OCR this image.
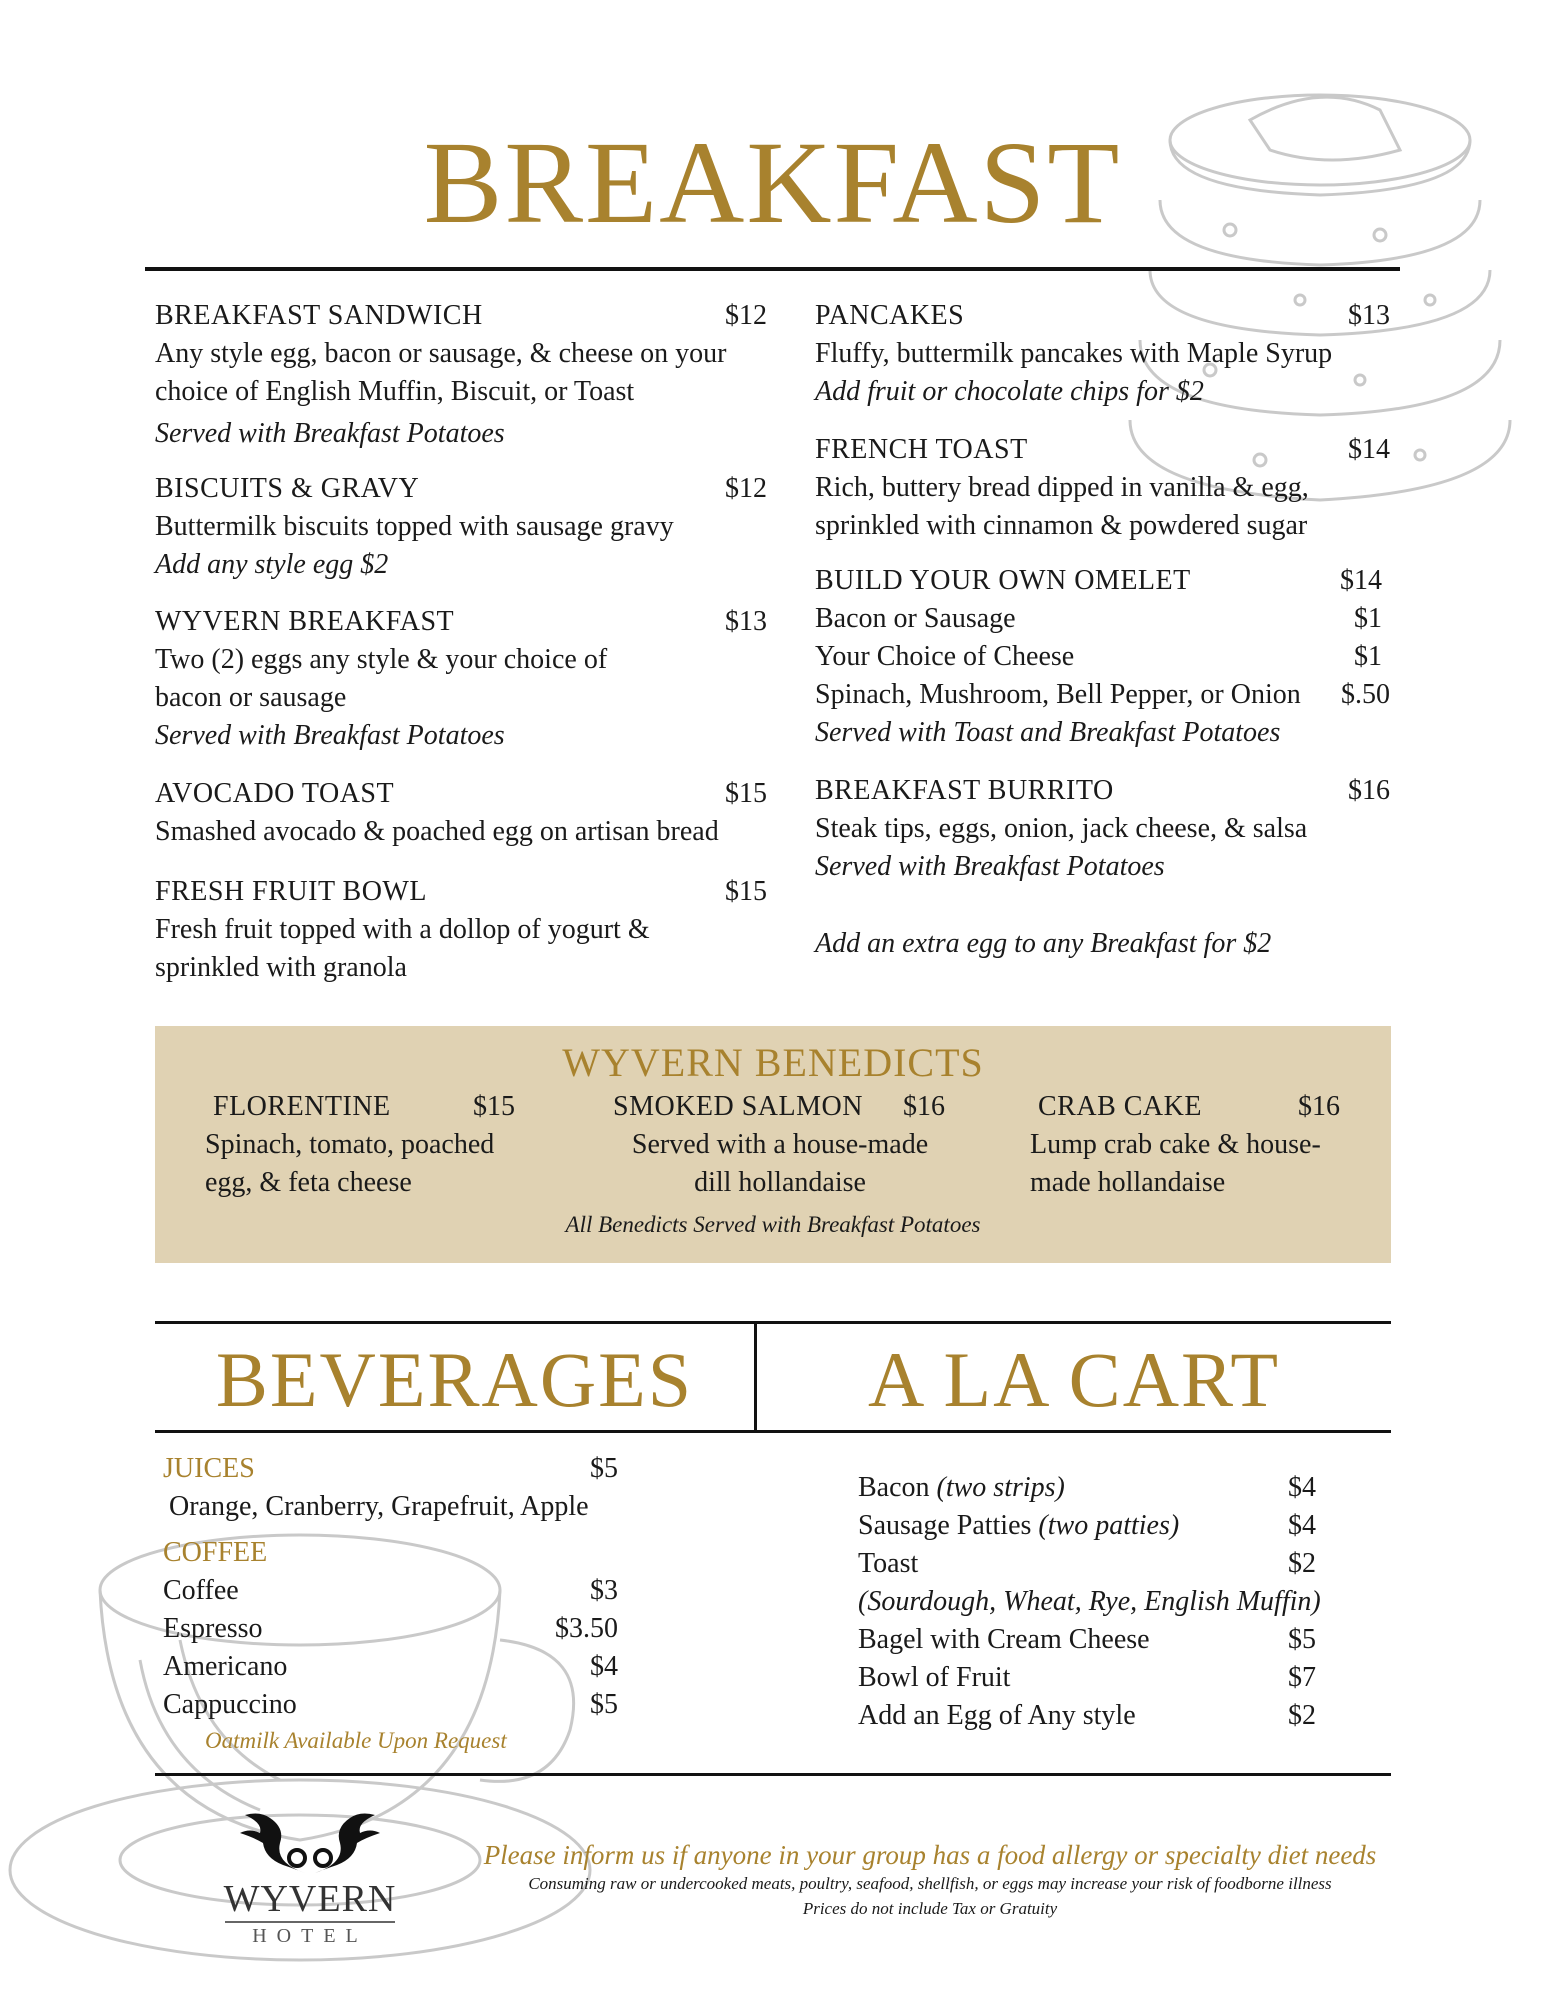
BREAKFAST
BREAKFAST SANDWICH	$12
Any style egg, bacon or sausage, & cheese on your
choice of English Muffin, Biscuit, or Toast
Served with Breakfast Potatoes
BISCUITS & GRAVY	$12
Buttermilk biscuits topped with sausage gravy
Add any style egg $2
WYVERN BREAKFAST	$13
Two (2) eggs any style & your choice of
bacon or sausage
Served with Breakfast Potatoes
AVOCADO TOAST	$15
Smashed avocado & poached egg on artisan bread
FRESH FRUIT BOWL	$15
Fresh fruit topped with a dollop of yogurt &
sprinkled with granola
PANCAKES	$13
Fluffy, buttermilk pancakes with Maple Syrup
Add fruit or chocolate chips for $2
FRENCH TOAST	$14
Rich, buttery bread dipped in vanilla & egg,
sprinkled with cinnamon & powdered sugar
BUILD YOUR OWN OMELET	$14
Bacon or Sausage	$1
Your Choice of Cheese	$1
Spinach, Mushroom, Bell Pepper, or Onion $.50
Served with Toast and Breakfast Potatoes
BREAKFAST BURRITO	$16
Steak tips, eggs, onion, jack cheese, & salsa
Served with Breakfast Potatoes
Add an extra egg to any Breakfast for $2
WYVERN BENEDICTS
FLORENTINE	$15
Spinach, tomato, poached
egg, & feta cheese
SMOKED SALMON $16
Served with a house-made
dill hollandaise
CRAB CAKE	$16
Lump crab cake & house-
made hollandaise
All Benedicts Served with Breakfast Potatoes
BEVERAGES	A LA CART
JUICES	$5
Orange, Cranberry, Grapefruit, Apple
COFFEE
Coffee	$3
Espresso	$3.50
Americano	$4
Cappuccino	$5
Oatmilk Available Upon Request
Bacon (two strips)	$4
Sausage Patties (two patties)	$4
Toast	$2
(Sourdough, Wheat, Rye, English Muffin)
Bagel with Cream Cheese	$5
Bowl of Fruit	$7
Add an Egg of Any style	$2
WYVERN
HOTEL
Please inform us if anyone in your group has a food allergy or specialty diet needs
Consuming raw or undercooked meats, poultry, seafood, shellfish, or eggs may increase your risk of foodborne illness
Prices do not include Tax or Gratuity
